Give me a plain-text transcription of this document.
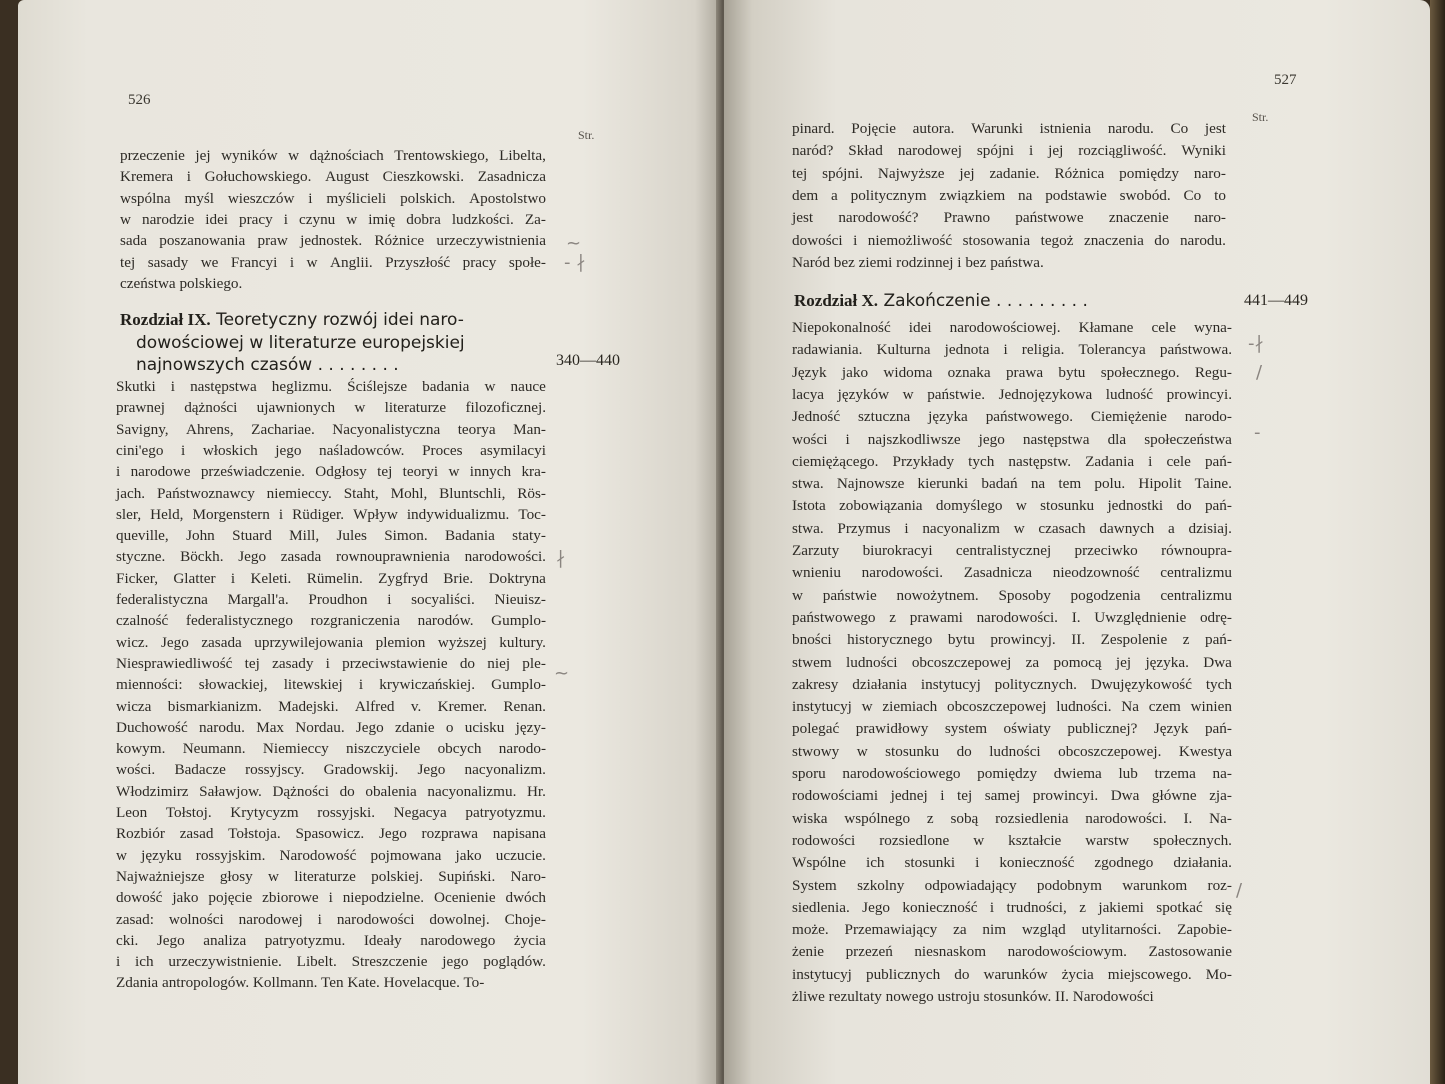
526
Str.
przeczenie jej wyników w dążnościach Trentowskiego, Libelta,
Kremera i Gołuchowskiego. August Cieszkowski. Zasadnicza
wspólna myśl wieszczów i myślicieli polskich. Apostolstwo
w narodzie idei pracy i czynu w imię dobra ludzkości. Za-
sada poszanowania praw jednostek. Różnice urzeczywistnienia
tej sasady we Francyi i w Anglii. Przyszłość pracy społe-
czeństwa polskiego.
Rozdział IX. Teoretyczny rozwój idei naro-
dowościowej w literaturze europejskiej
najnowszych czasów . . . . . . . .	340—440
Skutki i następstwa heglizmu. Ściślejsze badania w nauce
prawnej dążności ujawnionych w literaturze filozoficznej.
Savigny, Ahrens, Zachariae. Nacyonalistyczna teorya Man-
cini'ego i włoskich jego naśladowców. Proces asymilacyi
i narodowe przeświadczenie. Odgłosy tej teoryi w innych kra-
jach. Państwoznawcy niemieccy. Staht, Mohl, Bluntschli, Rös-
sler, Held, Morgenstern i Rüdiger. Wpływ indywidualizmu. Toc-
queville, John Stuard Mill, Jules Simon. Badania staty-
styczne. Böckh. Jego zasada rownouprawnienia narodowości.
Ficker, Glatter i Keleti. Rümelin. Zygfryd Brie. Doktryna
federalistyczna Margall'a. Proudhon i socyaliści. Nieuisz-
czalność federalistycznego rozgraniczenia narodów. Gumplo-
wicz. Jego zasada uprzywilejowania plemion wyższej kultury.
Niesprawiedliwość tej zasady i przeciwstawienie do niej ple-
mienności: słowackiej, litewskiej i krywiczańskiej. Gumplo-
wicza bismarkianizm. Madejski. Alfred v. Kremer. Renan.
Duchowość narodu. Max Nordau. Jego zdanie o ucisku języ-
kowym. Neumann. Niemieccy niszczyciele obcych narodo-
wości. Badacze rossyjscy. Gradowskij. Jego nacyonalizm.
Włodzimirz Saławjow. Dążności do obalenia nacyonalizmu. Hr.
Leon Tołstoj. Krytycyzm rossyjski. Negacya patryotyzmu.
Rozbiór zasad Tołstoja. Spasowicz. Jego rozprawa napisana
w języku rossyjskim. Narodowość pojmowana jako uczucie.
Najważniejsze głosy w literaturze polskiej. Supiński. Naro-
dowość jako pojęcie zbiorowe i niepodzielne. Ocenienie dwóch
zasad: wolności narodowej i narodowości dowolnej. Choje-
cki. Jego analiza patryotyzmu. Ideały narodowego życia
i ich urzeczywistnienie. Libelt. Streszczenie jego poglądów.
Zdania antropologów. Kollmann. Ten Kate. Hovelacque. To-
~
- ∤
∤
~
527
Str.
pinard. Pojęcie autora. Warunki istnienia narodu. Co jest
naród? Skład narodowej spójni i jej rozciągliwość. Wyniki
tej spójni. Najwyższe jej zadanie. Różnica pomiędzy naro-
dem a politycznym związkiem na podstawie swobód. Co to
jest narodowość? Prawno państwowe znaczenie naro-
dowości i niemożliwość stosowania tegoż znaczenia do narodu.
Naród bez ziemi rodzinnej i bez państwa.
Rozdział X. Zakończenie . . . . . . . . .	441—449
Niepokonalność idei narodowościowej. Kłamane cele wyna-
radawiania. Kulturna jednota i religia. Tolerancya państwowa.
Język jako widoma oznaka prawa bytu społecznego. Regu-
lacya języków w państwie. Jednojęzykowa ludność prowincyi.
Jedność sztuczna języka państwowego. Ciemiężenie narodo-
wości i najszkodliwsze jego następstwa dla społeczeństwa
ciemiężącego. Przykłady tych następstw. Zadania i cele pań-
stwa. Najnowsze kierunki badań na tem polu. Hipolit Taine.
Istota zobowiązania domyślego w stosunku jednostki do pań-
stwa. Przymus i nacyonalizm w czasach dawnych a dzisiaj.
Zarzuty biurokracyi centralistycznej przeciwko równoupra-
wnieniu narodowości. Zasadnicza nieodzowność centralizmu
w państwie nowożytnem. Sposoby pogodzenia centralizmu
państwowego z prawami narodowości. I. Uwzględnienie odrę-
bności historycznego bytu prowincyj. II. Zespolenie z pań-
stwem ludności obcoszczepowej za pomocą jej języka. Dwa
zakresy działania instytucyj politycznych. Dwujęzykowość tych
instytucyj w ziemiach obcoszczepowej ludności. Na czem winien
polegać prawidłowy system oświaty publicznej? Język pań-
stwowy w stosunku do ludności obcoszczepowej. Kwestya
sporu narodowościowego pomiędzy dwiema lub trzema na-
rodowościami jednej i tej samej prowincyi. Dwa główne zja-
wiska wspólnego z sobą rozsiedlenia narodowości. I. Na-
rodowości rozsiedlone w kształcie warstw społecznych.
Wspólne ich stosunki i konieczność zgodnego działania.
System szkolny odpowiadający podobnym warunkom roz-
siedlenia. Jego konieczność i trudności, z jakiemi spotkać się
może. Przemawiający za nim wzgląd utylitarności. Zapobie-
żenie przezeń niesnaskom narodowościowym. Zastosowanie
instytucyj publicznych do warunków życia miejscowego. Mo-
żliwe rezultaty nowego ustroju stosunków. II. Narodowości
-∤
/
-
/
